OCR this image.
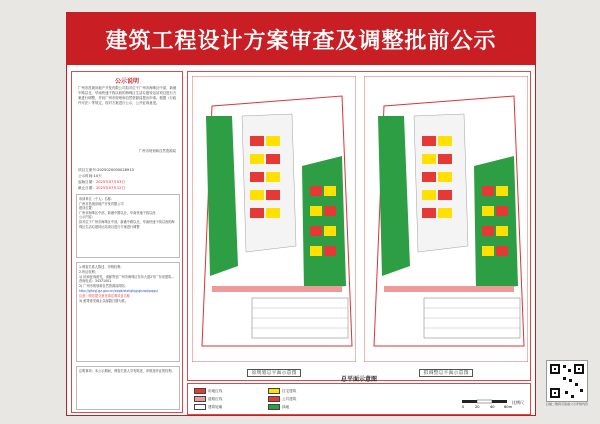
建筑工程设计方案审查及调整批前公示
公示说明
广州市昌晟房地产开发有限公司拟对位于广州市海珠区中部，新港中路以北，华南快速干线以西的海珠区生活垃圾转运站项目进行方案进行调整，并向广州市规划和自然资源局提出申请。根据《行政许可法》等规定，现对方案进行公示，公开征询意见。
广州市规划和自然资源局
项目立案号:2025020000028913
公示时间:10天
起始日期：2025年07月03日
截止日期：2025年07月12日
申请单位（个人）名称：
广州市昌晟房地产开发有限公司
建设位置：
广州市海珠区中部，新港中路以北，华南快速干线以西
公示内容：
拟对位于广州市海珠区中部，新港中路以北，华南快速干线以西的海珠区生活垃圾转运站项目进行方案进行调整
1.利害关系人陈述、申辩权利；
2.听证权利；
1) 协商征询意见，请邮寄至广州市海珠区东坊大道2号广东省建筑...
咨询电话：34371001
2) 广州市规划和自然资源局网站：
http://ghzyj.gz.gov.cn/zwgk/ztzl/ghjg/ghzqd/pqgs/
注意：网站提交意见请注明项目名称
3) 邮寄意见截止以邮戳日期为准。
注明事项：本公示期间，利害关系人享有陈述、申辩及听证的权利。	原规划总平面示意图	拟调整总平面示意图
总平面示意图
用地红线
道路红线
建筑轮廓
住宅建筑
公共建筑
绿地	0	20	40	60m
比例尺	扫描二维码可查看公示详细内容
